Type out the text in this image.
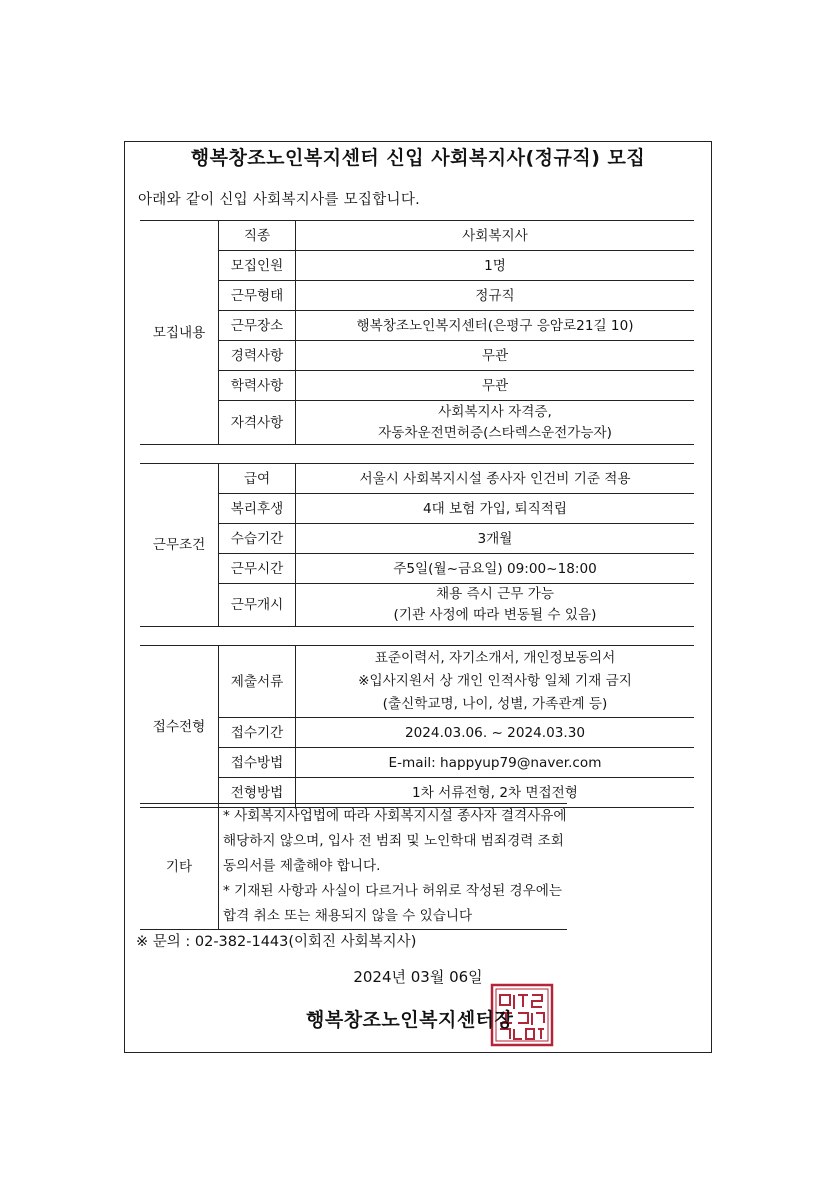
행복창조노인복지센터 신입 사회복지사(정규직) 모집
아래와 같이 신입 사회복지사를 모집합니다.
모집내용	직종	사회복지사
	모집인원	1명
	근무형태	정규직
	근무장소	행복창조노인복지센터(은평구 응암로21길 10)
	경력사항	무관
	학력사항	무관
	자격사항	사회복지사 자격증,
자동차운전면허증(스타렉스운전가능자)
근무조건	급여	서울시 사회복지시설 종사자 인건비 기준 적용
	복리후생	4대 보험 가입, 퇴직적립
	수습기간	3개월
	근무시간	주5일(월~금요일) 09:00~18:00
	근무개시	채용 즉시 근무 가능
(기관 사정에 따라 변동될 수 있음)
접수전형	제출서류	표준이력서, 자기소개서, 개인정보동의서
※입사지원서 상 개인 인적사항 일체 기재 금지
(출신학교명, 나이, 성별, 가족관계 등)

	접수기간	2024.03.06. ~ 2024.03.30
	접수방법	E-mail: happyup79@naver.com
	전형방법	1차 서류전형, 2차 면접전형
기타	
* 사회복지사업법에 따라 사회복지시설 종사자 결격사유에
해당하지 않으며, 입사 전 범죄 및 노인학대 범죄경력 조회
동의서를 제출해야 합니다.
* 기재된 사항과 사실이 다르거나 허위로 작성된 경우에는
합격 취소 또는 채용되지 않을 수 있습니다
※ 문의 : 02-382-1443(이회진 사회복지사)
2024년 03월 06일
행복창조노인복지센터장
